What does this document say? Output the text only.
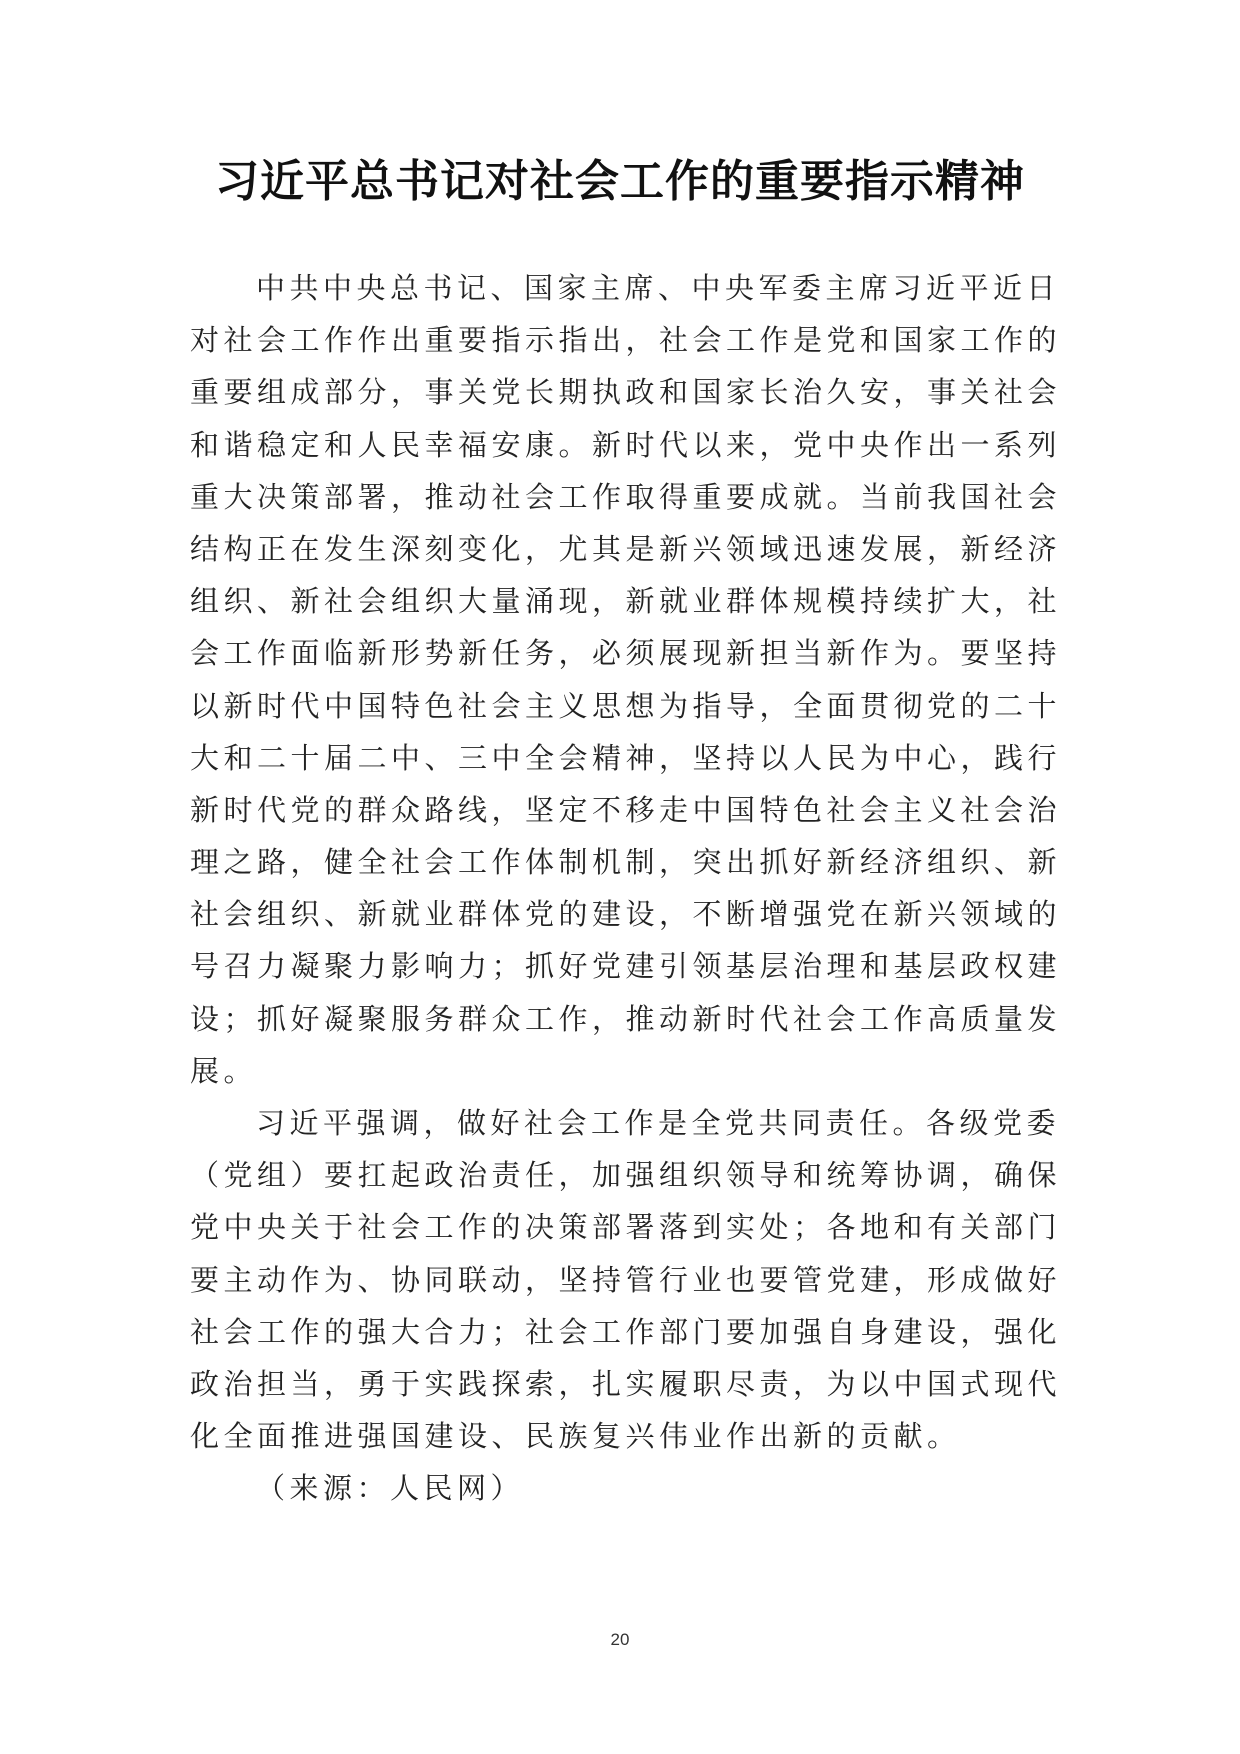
习近平总书记对社会工作的重要指示精神
中共中央总书记、国家主席、中央军委主席习近平近日
对社会工作作出重要指示指出，社会工作是党和国家工作的
重要组成部分，事关党长期执政和国家长治久安，事关社会
和谐稳定和人民幸福安康。新时代以来，党中央作出一系列
重大决策部署，推动社会工作取得重要成就。当前我国社会
结构正在发生深刻变化，尤其是新兴领域迅速发展，新经济
组织、新社会组织大量涌现，新就业群体规模持续扩大，社
会工作面临新形势新任务，必须展现新担当新作为。要坚持
以新时代中国特色社会主义思想为指导，全面贯彻党的二十
大和二十届二中、三中全会精神，坚持以人民为中心，践行
新时代党的群众路线，坚定不移走中国特色社会主义社会治
理之路，健全社会工作体制机制，突出抓好新经济组织、新
社会组织、新就业群体党的建设，不断增强党在新兴领域的
号召力凝聚力影响力；抓好党建引领基层治理和基层政权建
设；抓好凝聚服务群众工作，推动新时代社会工作高质量发
展。
习近平强调，做好社会工作是全党共同责任。各级党委
（党组）要扛起政治责任，加强组织领导和统筹协调，确保
党中央关于社会工作的决策部署落到实处；各地和有关部门
要主动作为、协同联动，坚持管行业也要管党建，形成做好
社会工作的强大合力；社会工作部门要加强自身建设，强化
政治担当，勇于实践探索，扎实履职尽责，为以中国式现代
化全面推进强国建设、民族复兴伟业作出新的贡献。
（来源：人民网）
20
